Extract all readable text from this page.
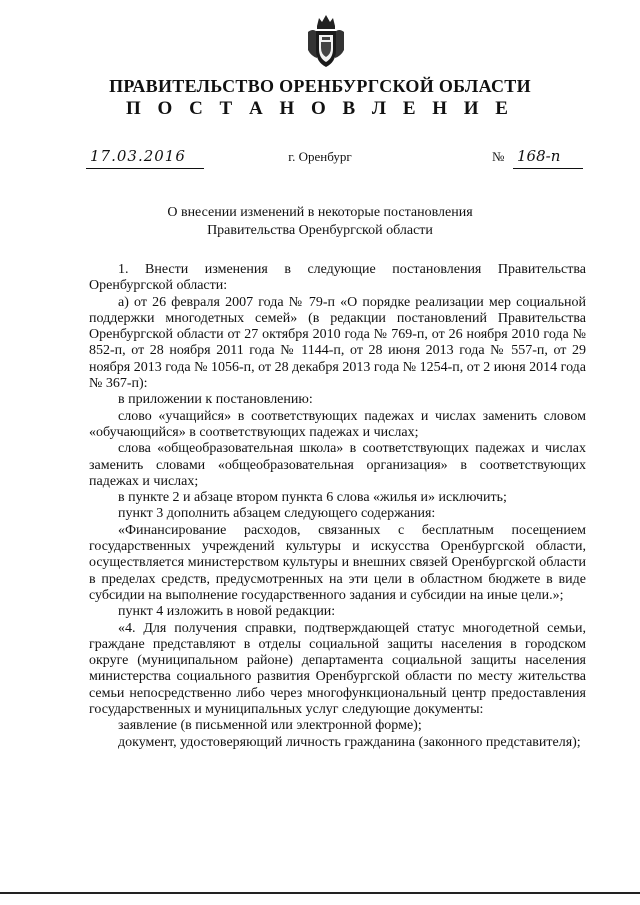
ПРАВИТЕЛЬСТВО ОРЕНБУРГСКОЙ ОБЛАСТИ
П О С Т А Н О В Л Е Н И Е
17.03.2016	г. Оренбург	№ 168-п
О внесении изменений в некоторые постановления
Правительства Оренбургской области

1. Внести изменения в следующие постановления Правительства Оренбургской области:

а) от 26 февраля 2007 года № 79-п «О порядке реализации мер социальной поддержки многодетных семей» (в редакции постановлений Правительства Оренбургской области от 27 октября 2010 года № 769-п, от 26 ноября 2010 года № 852-п, от 28 ноября 2011 года № 1144-п, от 28 июня 2013 года № 557-п, от 29 ноября 2013 года № 1056-п, от 28 декабря 2013 года № 1254-п, от 2 июня 2014 года № 367-п):

в приложении к постановлению:

слово «учащийся» в соответствующих падежах и числах заменить словом «обучающийся» в соответствующих падежах и числах;

слова «общеобразовательная школа» в соответствующих падежах и числах заменить словами «общеобразовательная организация» в соответствующих падежах и числах;

в пункте 2 и абзаце втором пункта 6 слова «жилья и» исключить;

пункт 3 дополнить абзацем следующего содержания:

«Финансирование расходов, связанных с бесплатным посещением государственных учреждений культуры и искусства Оренбургской области, осуществляется министерством культуры и внешних связей Оренбургской области в пределах средств, предусмотренных на эти цели в областном бюджете в виде субсидии на выполнение государственного задания и субсидии на иные цели.»;

пункт 4 изложить в новой редакции:

«4. Для получения справки, подтверждающей статус многодетной семьи, граждане представляют в отделы социальной защиты населения в городском округе (муниципальном районе) департамента социальной защиты населения министерства социального развития Оренбургской области по месту жительства семьи непосредственно либо через многофункциональный центр предоставления государственных и муниципальных услуг следующие документы:

заявление (в письменной или электронной форме);

документ, удостоверяющий личность гражданина (законного представителя);
